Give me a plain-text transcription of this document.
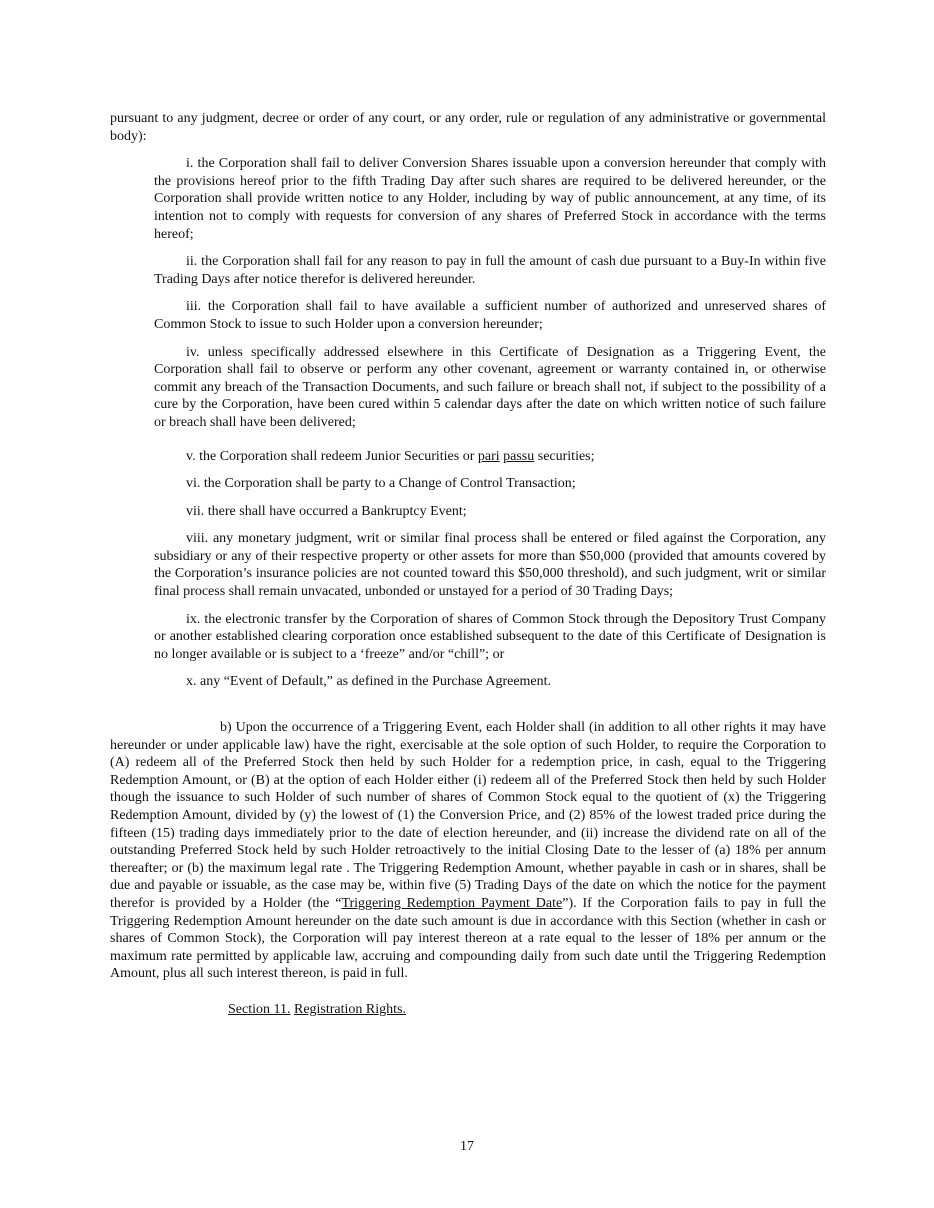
pursuant to any judgment, decree or order of any court, or any order, rule or regulation of any administrative or governmental body):

i. the Corporation shall fail to deliver Conversion Shares issuable upon a conversion hereunder that comply with the provisions hereof prior to the fifth Trading Day after such shares are required to be delivered hereunder, or the Corporation shall provide written notice to any Holder, including by way of public announcement, at any time, of its intention not to comply with requests for conversion of any shares of Preferred Stock in accordance with the terms hereof;

ii. the Corporation shall fail for any reason to pay in full the amount of cash due pursuant to a Buy-In within five Trading Days after notice therefor is delivered hereunder.

iii. the Corporation shall fail to have available a sufficient number of authorized and unreserved shares of Common Stock to issue to such Holder upon a conversion hereunder;

iv. unless specifically addressed elsewhere in this Certificate of Designation as a Triggering Event, the Corporation shall fail to observe or perform any other covenant, agreement or warranty contained in, or otherwise commit any breach of the Transaction Documents, and such failure or breach shall not, if subject to the possibility of a cure by the Corporation, have been cured within 5 calendar days after the date on which written notice of such failure or breach shall have been delivered;

v. the Corporation shall redeem Junior Securities or pari passu securities;

vi. the Corporation shall be party to a Change of Control Transaction;

vii. there shall have occurred a Bankruptcy Event;

viii. any monetary judgment, writ or similar final process shall be entered or filed against the Corporation, any subsidiary or any of their respective property or other assets for more than $50,000 (provided that amounts covered by the Corporation’s insurance policies are not counted toward this $50,000 threshold), and such judgment, writ or similar final process shall remain unvacated, unbonded or unstayed for a period of 30 Trading Days;

ix. the electronic transfer by the Corporation of shares of Common Stock through the Depository Trust Company or another established clearing corporation once established subsequent to the date of this Certificate of Designation is no longer available or is subject to a ‘freeze” and/or “chill”; or

x. any “Event of Default,” as defined in the Purchase Agreement.

b) Upon the occurrence of a Triggering Event, each Holder shall (in addition to all other rights it may have hereunder or under applicable law) have the right, exercisable at the sole option of such Holder, to require the Corporation to (A) redeem all of the Preferred Stock then held by such Holder for a redemption price, in cash, equal to the Triggering Redemption Amount, or (B) at the option of each Holder either (i) redeem all of the Preferred Stock then held by such Holder though the issuance to such Holder of such number of shares of Common Stock equal to the quotient of (x) the Triggering Redemption Amount, divided by (y) the lowest of (1) the Conversion Price, and (2) 85% of the lowest traded price during the fifteen (15) trading days immediately prior to the date of election hereunder, and (ii) increase the dividend rate on all of the outstanding Preferred Stock held by such Holder retroactively to the initial Closing Date to the lesser of (a) 18% per annum thereafter; or (b) the maximum legal rate . The Triggering Redemption Amount, whether payable in cash or in shares, shall be due and payable or issuable, as the case may be, within five (5) Trading Days of the date on which the notice for the payment therefor is provided by a Holder (the “Triggering Redemption Payment Date”). If the Corporation fails to pay in full the Triggering Redemption Amount hereunder on the date such amount is due in accordance with this Section (whether in cash or shares of Common Stock), the Corporation will pay interest thereon at a rate equal to the lesser of 18% per annum or the maximum rate permitted by applicable law, accruing and compounding daily from such date until the Triggering Redemption Amount, plus all such interest thereon, is paid in full.

Section 11. Registration Rights.

17
